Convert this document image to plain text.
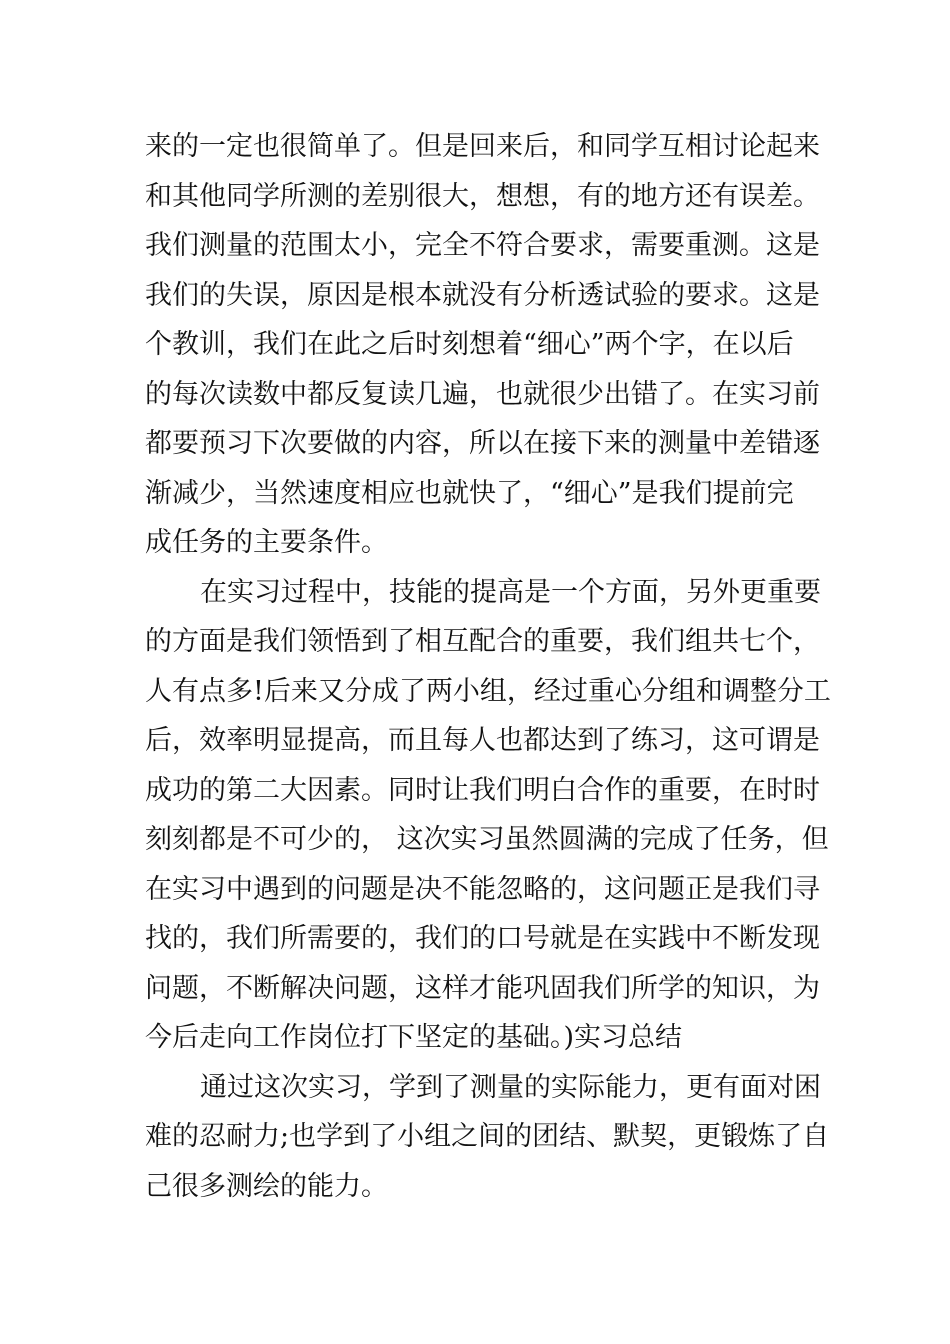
来的一定也很简单了。但是回来后，和同学互相讨论起来
和其他同学所测的差别很大，想想，有的地方还有误差。
我们测量的范围太小，完全不符合要求，需要重测。这是
我们的失误，原因是根本就没有分析透试验的要求。这是
个教训，我们在此之后时刻想着“细心”两个字，在以后
的每次读数中都反复读几遍，也就很少出错了。在实习前
都要预习下次要做的内容，所以在接下来的测量中差错逐
渐减少，当然速度相应也就快了，“细心”是我们提前完
成任务的主要条件。
在实习过程中，技能的提高是一个方面，另外更重要
的方面是我们领悟到了相互配合的重要，我们组共七个，
人有点多!后来又分成了两小组，经过重心分组和调整分工
后，效率明显提高，而且每人也都达到了练习，这可谓是
成功的第二大因素。同时让我们明白合作的重要，在时时
刻刻都是不可少的， 这次实习虽然圆满的完成了任务，但
在实习中遇到的问题是决不能忽略的，这问题正是我们寻
找的，我们所需要的，我们的口号就是在实践中不断发现
问题，不断解决问题，这样才能巩固我们所学的知识，为
今后走向工作岗位打下坚定的基础。)实习总结
通过这次实习，学到了测量的实际能力，更有面对困
难的忍耐力;也学到了小组之间的团结、默契，更锻炼了自
己很多测绘的能力。
